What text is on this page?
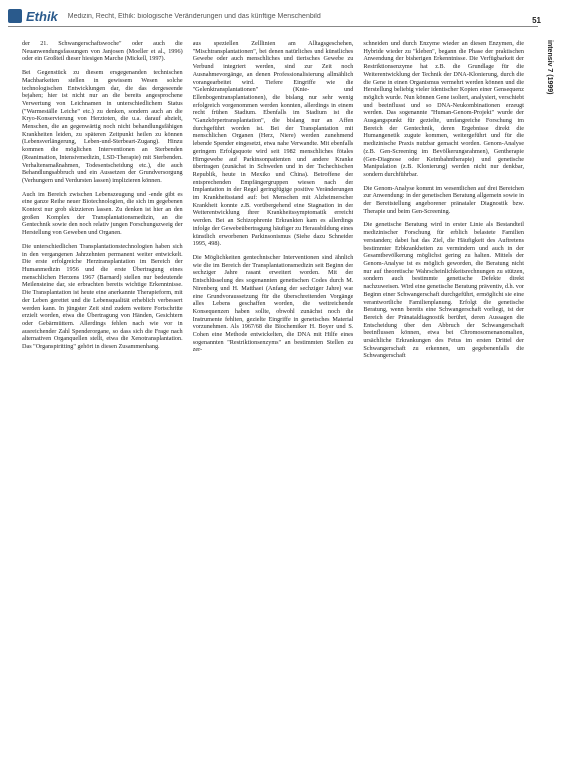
Ethik Medizin, Recht, Ethik: biologische Veränderungen und das künftige Menschenbild	51
intensiv 7 (1999)

der 21. Schwangerschaftswoche" oder auch die Neuanwendungsfassungen von Janjosen (Moeller et al., 1996) oder ein Großteil dieser hiesigen Marche (Mickell, 1997).

Bei Gegenstück zu diesem ersgegenanden technischen Machbarkeiten stellen in gewissem Wesen solche technologischen Entwicklungen dar, die das dergeseende bejahen; hier ist nicht nur an die bereits angesprochene Verwertung von Leichnamen in unterschiedlichem Status ("Warmeställe Leiche" etc.) zu denken, sondern auch an die Kryo-Konservierung von Herztoten, die u.a. darauf abzielt, Menschen, die an gegenwärtig noch nicht behandlungsfähigen Krankheiten leiden, zu späteren Zeitpunkt heilen zu können (Lebensverlängerung, Leben-und-Sterbeart-Zugang). Hinzu kommen die möglichen Interventionen an Sterbenden (Reanimation, Intensivmedizin, LSD-Therapie) mit Sterbenden. Verhaltensmaßnahmen, Todesentscheidung etc.), die auch Behandlungsabbruch und ein Aussetzen der Grundversorgung (Verhungern und Verdursten lassen) implizieren können.

Auch im Bereich zwischen Lebenszeugung und -ende gibt es eine ganze Reihe neuer Biotechnologien, die sich im gegebenen Kontext nur grob skizzieren lassen. Zu denken ist hier an den großen Komplex der Transplantationsmedizin, an die Gentechnik sowie den noch relativ jungen Forschungszweig der Herstellung von Geweben und Organen.

Die unterschiedlichen Transplantationstechnologien haben sich in den vergangenen Jahrzehnten permanent weiter entwickelt. Die erste erfolgreiche Herztransplantation im Bereich der Humanmedizin 1956 und die erste Übertragung eines menschlichen Herzens 1967 (Barnard) stellen nur bedeutende Meilensteine dar, sie erbrachten bereits wichtige Erkenntnisse. Die Transplantation ist heute eine anerkannte Therapieform, mit der Leben gerettet und die Lebensqualität erheblich verbessert werden kann. In jüngster Zeit sind zudem weitere Fortschritte erzielt worden, etwa die Übertragung von Händen, Gesichtern oder Gebärmüttern. Allerdings fehlen nach wie vor in ausreichender Zahl Spenderorgane, so dass sich die Frage nach alternativen Organquellen stellt, etwa die Xenotransplantation. Das "Organspiritting" gehört in diesen Zusammenhang.

aus speziellen Zelllinien am Alltagsgeschehen, "Mischtransplantationen", bei denen natürliches und künstliches Gewebe oder auch menschliches und tierisches Gewebe zu Verbund integriert werden, sind zur Zeit noch Ausnahmevorgänge, an denen Professionalisierung allmählich vorangearbeitet wird. Tiefere Eingriffe wie die "Gelenktransplantationen" (Knie- und Ellenbogentransplantationen), die bislang nur sehr wenig erfolgreich vorgenommen werden konnten, allerdings in einem recht frühen Stadium. Ebenfalls im Stadium ist die "Ganzkörpertransplantation", die bislang nur an Affen durchgeführt worden ist. Bei der Transplantation mit menschlichen Organen (Herz, Niere) werden zunehmend lebende Spender eingesetzt, etwa nahe Verwandte. Mit ebenfalls geringem Erfolgsquote wird seit 1982 menschliches fötales Hirngewebe auf Parkinsonpatienten und andere Kranke übertragen (zunächst in Schweden und in der Tschechischen Republik, heute in Mexiko und China). Betroffene der entsprechenden Empfängergruppen wiesen nach der Implantation in der Regel geringfügige positive Veränderungen im Krankheitsstand auf: bei Menschen mit Alzheimerscher Krankheit konnte z.B. vorübergehend eine Stagnation in der Weiterentwicklung ihrer Krankheitssymptomatik erreicht werden. Bei an Schizophrenie Erkrankten kam es allerdings infolge der Gewebeübertragung häufiger zu Herausbildung eines künstlich erworbenen Parkinsonismus (Siehe dazu Schneider 1995, 498).

Die Möglichkeiten gentechnischer Interventionen sind ähnlich wie die im Bereich der Transplantationsmedizin seit Beginn der sechziger Jahre rasant erweitert worden. Mit der Entschlüsselung des sogenannten genetischen Codes durch M. Nirenberg und H. Matthaei (Anfang der sechziger Jahre) war eine Grundvoraussetzung für die überschreitenden Vorgänge alles Lebens geschaffen worden, die weitreichende Konsequenzen haben sollte, obwohl zunächst noch die Instrumente fehlten, gezielte Eingriffe in genetisches Material vorzunehmen. Als 1967/68 die Biochemiker H. Boyer und S. Cohen eine Methode entwickelten, die DNA mit Hilfe eines sogenannten "Restriktionsenzyms" an bestimmten Stellen zu zer-

schneiden und durch Enzyme wieder an diesen Enzymen, die Hybride wieder zu "kleben", begann die Phase der praktischen Anwendung der bisherigen Erkenntnisse. Die Verfügbarkeit der Restriktionsenzyme hat z.B. die Grundlage für die Weiterentwicklung der Technik der DNA-Klonierung, durch die die Gene in einen Organismus vermehrt werden können und die Herstellung beliebig vieler identischer Kopien einer Gensequenz möglich wurde. Nun können Gene isoliert, analysiert, verschiebt und beeinflusst und so DNA-Neukombinationen erzeugt werden. Das sogenannte "Human-Genom-Projekt" wurde der Ausgangspunkt für gezielte, umfangreiche Forschung im Bereich der Gentechnik, deren Ergebnisse direkt die Humangenetik zugute kommen, weitergeführt und für die medizinische Praxis nutzbar gemacht worden. Genom-Analyse (z.B. Gen-Screening im Bevölkerungsrahmen), Gentherapie (Gen-Diagnose oder Keimbahntherapie) und genetische Manipulation (z.B. Klonierung) werden nicht nur denkbar, sondern durchführbar.

Die Genom-Analyse kommt im wesentlichen auf drei Bereichen zur Anwendung: in der genetischen Beratung allgemein sowie in der Bereitstellung angeborener pränataler Diagnostik bzw. Therapie und beim Gen-Screening.

Die genetische Beratung wird in erster Linie als Bestandteil medizinischer Forschung für erblich belastete Familien verstanden; dabei hat das Ziel, die Häufigkeit des Auftretens bestimmter Erbkrankheiten zu vermindern und auch in der Gesamtbevölkerung möglichst gering zu halten. Mittels der Genom-Analyse ist es möglich geworden, die Beratung nicht nur auf theoretische Wahrscheinlichkeitsrechnungen zu stützen, sondern auch bestimmte genetische Defekte direkt nachzuweisen. Wird eine genetische Beratung präventiv, d.h. vor Beginn einer Schwangerschaft durchgeführt, ermöglicht sie eine verantwortliche Familienplanung. Erfolgt die genetische Beratung, wenn bereits eine Schwangerschaft vorliegt, ist der Bereich der Pränataldiagnostik berührt, deren Aussagen die Entscheidung über den Abbruch der Schwangerschaft beeinflussen können, etwa bei Chromosomenanomalien, ursächliche Erkrankungen des Fetus im ersten Drittel der Schwangerschaft zu erkennen, um gegebenenfalls die Schwangerschaft
